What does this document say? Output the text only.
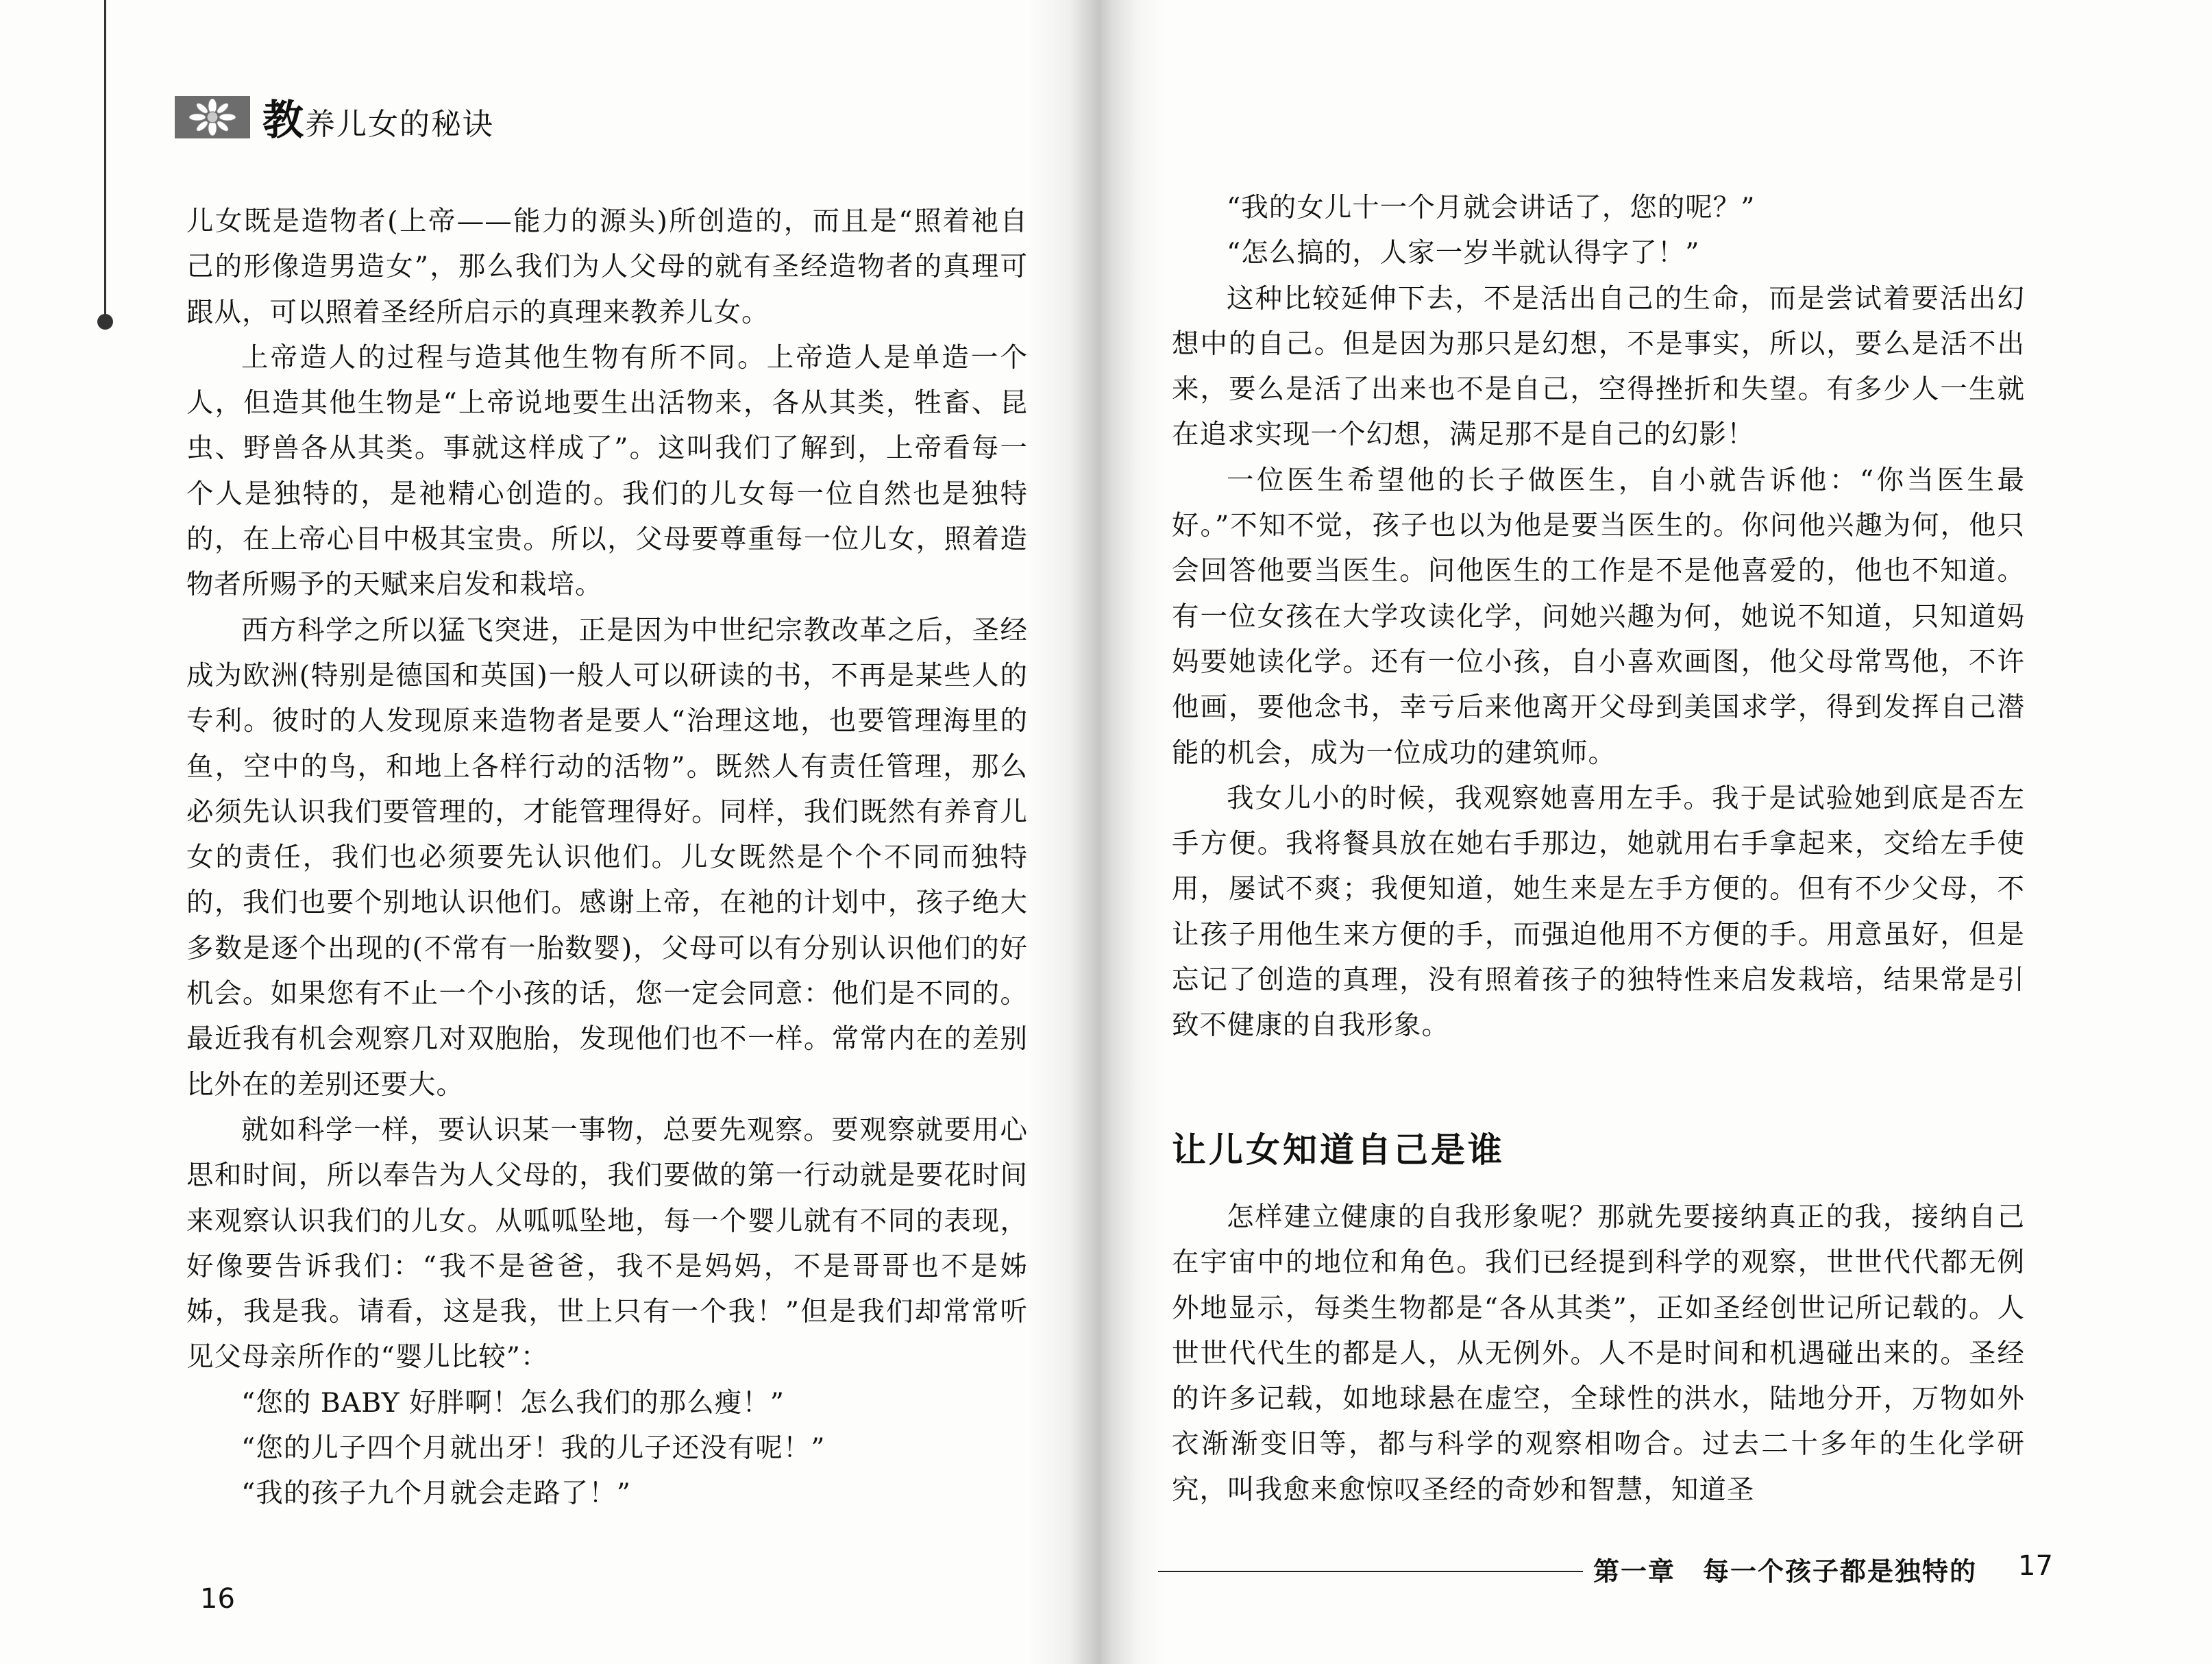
教养儿女的秘诀

儿女既是造物者(上帝——能力的源头)所创造的，而且是“照着祂自己的形像造男造女”，那么我们为人父母的就有圣经造物者的真理可跟从，可以照着圣经所启示的真理来教养儿女。

上帝造人的过程与造其他生物有所不同。上帝造人是单造一个人，但造其他生物是“上帝说地要生出活物来，各从其类，牲畜、昆虫、野兽各从其类。事就这样成了”。这叫我们了解到，上帝看每一个人是独特的，是祂精心创造的。我们的儿女每一位自然也是独特的，在上帝心目中极其宝贵。所以，父母要尊重每一位儿女，照着造物者所赐予的天赋来启发和栽培。

西方科学之所以猛飞突进，正是因为中世纪宗教改革之后，圣经成为欧洲(特别是德国和英国)一般人可以研读的书，不再是某些人的专利。彼时的人发现原来造物者是要人“治理这地，也要管理海里的鱼，空中的鸟，和地上各样行动的活物”。既然人有责任管理，那么必须先认识我们要管理的，才能管理得好。同样，我们既然有养育儿女的责任，我们也必须要先认识他们。儿女既然是个个不同而独特的，我们也要个别地认识他们。感谢上帝，在祂的计划中，孩子绝大多数是逐个出现的(不常有一胎数婴)，父母可以有分别认识他们的好机会。如果您有不止一个小孩的话，您一定会同意：他们是不同的。最近我有机会观察几对双胞胎，发现他们也不一样。常常内在的差别比外在的差别还要大。

就如科学一样，要认识某一事物，总要先观察。要观察就要用心思和时间，所以奉告为人父母的，我们要做的第一行动就是要花时间来观察认识我们的儿女。从呱呱坠地，每一个婴儿就有不同的表现，好像要告诉我们：“我不是爸爸，我不是妈妈，不是哥哥也不是姊姊，我是我。请看，这是我，世上只有一个我！”但是我们却常常听见父母亲所作的“婴儿比较”：

“您的 BABY 好胖啊！怎么我们的那么瘦！”

“您的儿子四个月就出牙！我的儿子还没有呢！”

“我的孩子九个月就会走路了！”

16

“我的女儿十一个月就会讲话了，您的呢？”

“怎么搞的，人家一岁半就认得字了！”

这种比较延伸下去，不是活出自己的生命，而是尝试着要活出幻想中的自己。但是因为那只是幻想，不是事实，所以，要么是活不出来，要么是活了出来也不是自己，空得挫折和失望。有多少人一生就在追求实现一个幻想，满足那不是自己的幻影！

一位医生希望他的长子做医生，自小就告诉他：“你当医生最好。”不知不觉，孩子也以为他是要当医生的。你问他兴趣为何，他只会回答他要当医生。问他医生的工作是不是他喜爱的，他也不知道。有一位女孩在大学攻读化学，问她兴趣为何，她说不知道，只知道妈妈要她读化学。还有一位小孩，自小喜欢画图，他父母常骂他，不许他画，要他念书，幸亏后来他离开父母到美国求学，得到发挥自己潜能的机会，成为一位成功的建筑师。

我女儿小的时候，我观察她喜用左手。我于是试验她到底是否左手方便。我将餐具放在她右手那边，她就用右手拿起来，交给左手使用，屡试不爽；我便知道，她生来是左手方便的。但有不少父母，不让孩子用他生来方便的手，而强迫他用不方便的手。用意虽好，但是忘记了创造的真理，没有照着孩子的独特性来启发栽培，结果常是引致不健康的自我形象。

让儿女知道自己是谁

怎样建立健康的自我形象呢？那就先要接纳真正的我，接纳自己在宇宙中的地位和角色。我们已经提到科学的观察，世世代代都无例外地显示，每类生物都是“各从其类”，正如圣经创世记所记载的。人世世代代生的都是人，从无例外。人不是时间和机遇碰出来的。圣经的许多记载，如地球悬在虚空，全球性的洪水，陆地分开，万物如外衣渐渐变旧等，都与科学的观察相吻合。过去二十多年的生化学研究，叫我愈来愈惊叹圣经的奇妙和智慧，知道圣

第一章　每一个孩子都是独特的 17
